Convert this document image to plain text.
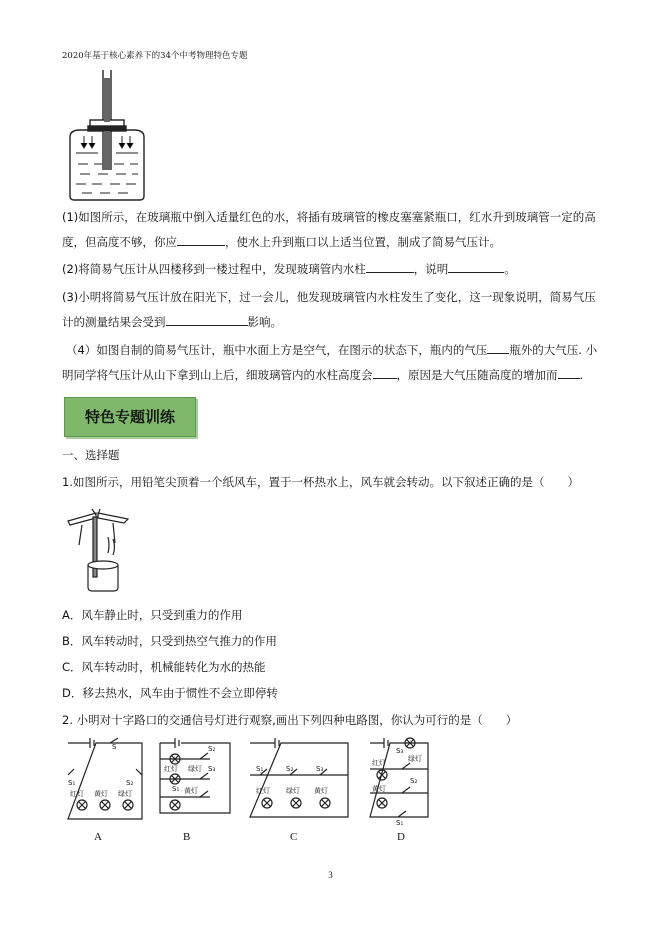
2020年基于核心素养下的34个中考物理特色专题
(1)如图所示，在玻璃瓶中倒入适量红色的水，将插有玻璃管的橡皮塞塞紧瓶口，红水升到玻璃管一定的高
度，但高度不够，你应	，使水上升到瓶口以上适当位置，制成了简易气压计。
(2)将简易气压计从四楼移到一楼过程中，发现玻璃管内水柱	，说明	。
(3)小明将简易气压计放在阳光下，过一会儿，他发现玻璃管内水柱发生了变化，这一现象说明，简易气压
计的测量结果会受到	影响。
（4）如图自制的简易气压计，瓶中水面上方是空气，在图示的状态下，瓶内的气压 瓶外的大气压. 小
明同学将气压计从山下拿到山上后，细玻璃管内的水柱高度会 ，原因是大气压随高度的增加而 .
特色专题训练
一、选择题
1.如图所示，用铅笔尖顶着一个纸风车，置于一杯热水上，风车就会转动。以下叙述正确的是（　　）
A．风车静止时，只受到重力的作用
B．风车转动时，只受到热空气推力的作用
C．风车转动时，机械能转化为水的热能
D．移去热水，风车由于惯性不会立即停转
2. 小明对十字路口的交通信号灯进行观察,画出下列四种电路图，你认为可行的是（　　）
S
S₁	S₂
红灯 黄灯 绿灯
S₂
红灯 绿灯 S₃
S₁ 黄灯
S₁	S₂	S₃
红灯 绿灯 黄灯
S₃
红灯	绿灯
S₂
黄灯
S₁
A	B	C	D
3
